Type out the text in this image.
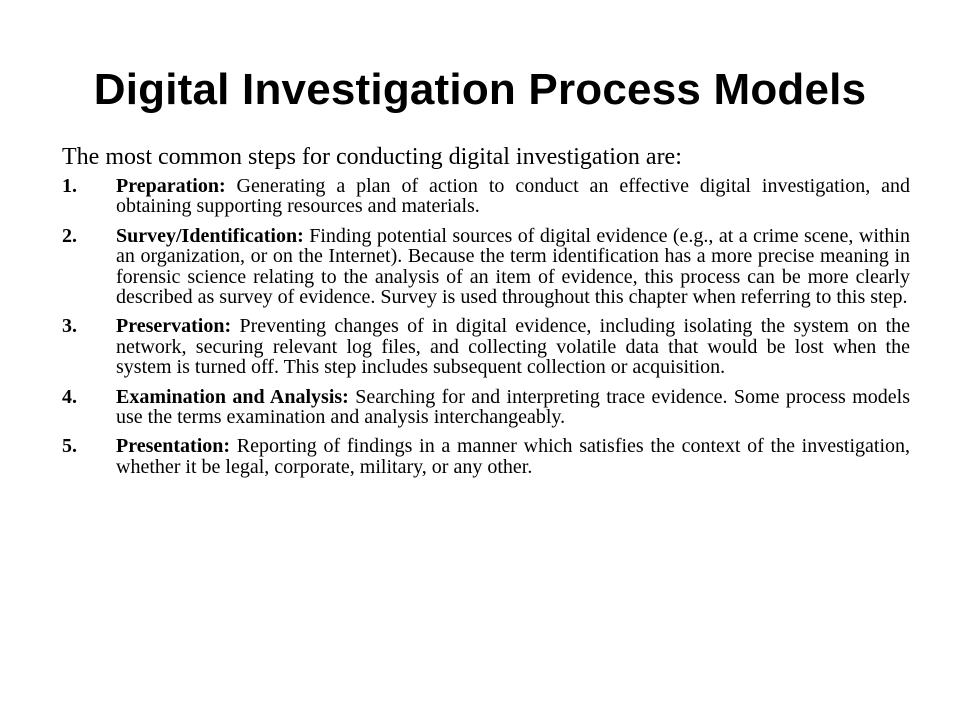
Digital Investigation Process Models

The most common steps for conducting digital investigation are:

1. Preparation: Generating a plan of action to conduct an effective digital investigation, and obtaining supporting resources and materials.
2. Survey/Identification: Finding potential sources of digital evidence (e.g., at a crime scene, within an organization, or on the Internet). Because the term identification has a more precise meaning in forensic science relating to the analysis of an item of evidence, this process can be more clearly described as survey of evidence. Survey is used throughout this chapter when referring to this step.
3. Preservation: Preventing changes of in digital evidence, including isolating the system on the network, securing relevant log files, and collecting volatile data that would be lost when the system is turned off. This step includes subsequent collection or acquisition.
4. Examination and Analysis: Searching for and interpreting trace evidence. Some process models use the terms examination and analysis interchangeably.
5. Presentation: Reporting of findings in a manner which satisfies the context of the investigation, whether it be legal, corporate, military, or any other.
